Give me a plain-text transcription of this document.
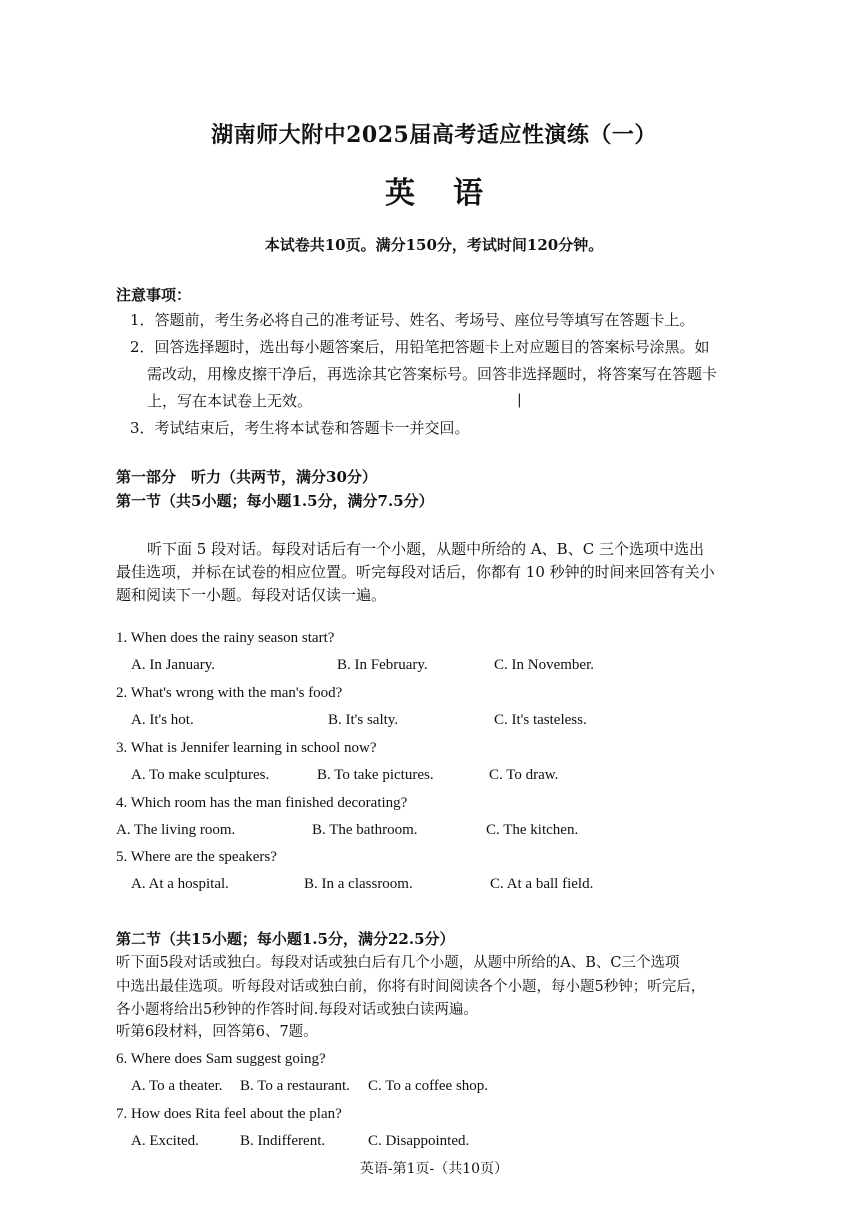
湖南师大附中2025届高考适应性演练（一）
英语
本试卷共10页。满分150分，考试时间120分钟。
注意事项：
1．答题前，考生务必将自己的准考证号、姓名、考场号、座位号等填写在答题卡上。
2．回答选择题时，选出每小题答案后，用铅笔把答题卡上对应题目的答案标号涂黑。如
需改动，用橡皮擦干净后，再选涂其它答案标号。回答非选择题时，将答案写在答题卡
上，写在本试卷上无效。	|
3．考试结束后，考生将本试卷和答题卡一并交回。
第一部分　听力（共两节，满分30分）
第一节（共5小题；每小题1.5分，满分7.5分）
听下面 5 段对话。每段对话后有一个小题，从题中所给的 A、B、C 三个选项中选出
最佳选项，并标在试卷的相应位置。听完每段对话后，你都有 10 秒钟的时间来回答有关小
题和阅读下一小题。每段对话仅读一遍。
1. When does the rainy season start?
A. In January.	B. In February.	C. In November.
2. What's wrong with the man's food?
A. It's hot.	B. It's salty.	C. It's tasteless.
3. What is Jennifer learning in school now?
A. To make sculptures.	B. To take pictures.	C. To draw.
4. Which room has the man finished decorating?
A. The living room.	B. The bathroom.	C. The kitchen.
5. Where are the speakers?
A. At a hospital.	B. In a classroom.	C. At a ball field.
第二节（共15小题；每小题1.5分，满分22.5分）
听下面5段对话或独白。每段对话或独白后有几个小题，从题中所给的A、B、C三个选项
中选出最佳选项。听每段对话或独白前，你将有时间阅读各个小题，每小题5秒钟；听完后，
各小题将给出5秒钟的作答时间.每段对话或独白读两遍。
听第6段材料，回答第6、7题。
6. Where does Sam suggest going?
A. To a theater. B. To a restaurant. C. To a coffee shop.
7. How does Rita feel about the plan?
A. Excited.	B. Indifferent.	C. Disappointed.
英语-第1页-（共10页）
